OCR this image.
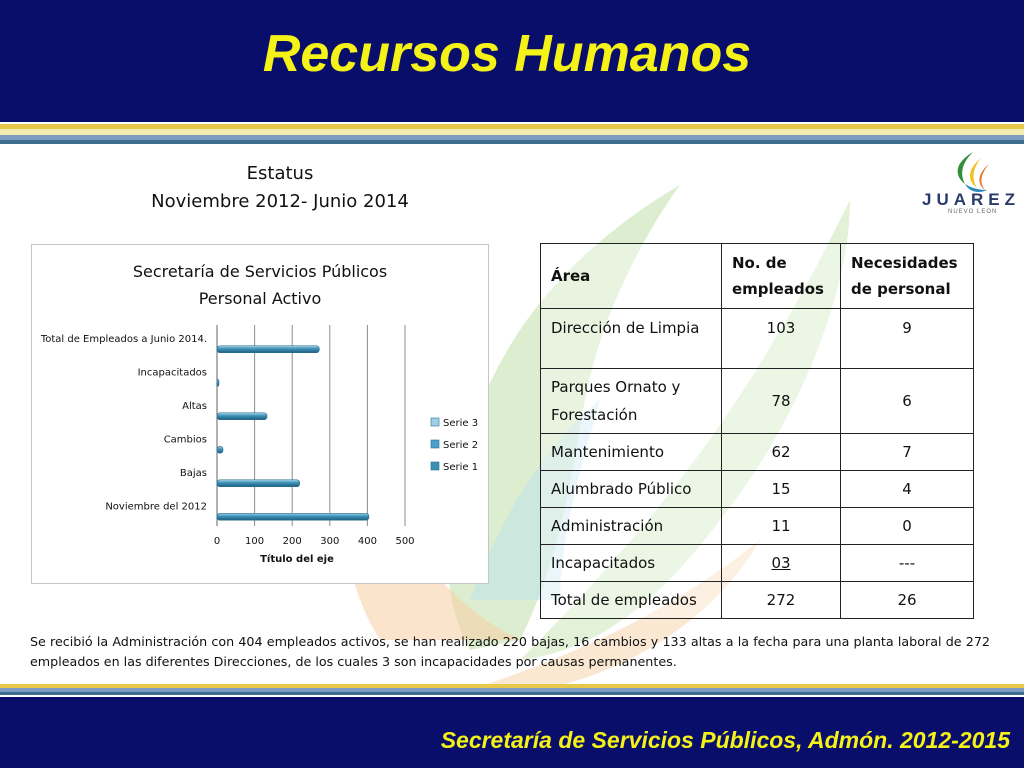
Recursos Humanos
Estatus
Noviembre 2012- Junio 2014	JUAREZ
NUEVO LEON
Secretaría de Servicios Públicos
Personal Activo
0 100 200 300 400 500
Título del eje
Noviembre del 2012
Bajas
Cambios
Altas
Incapacitados
Total de Empleados a Junio 2014.
Serie 3
Serie 2
Serie 1
Área	No. de empleados	Necesidades de personal
Dirección de Limpia	103	9
Parques Ornato y Forestación	78	6
Mantenimiento	62	7
Alumbrado Público	15	4
Administración	11	0
Incapacitados	03	---
Total de empleados	272	26
Se recibió la Administración con 404 empleados activos, se han realizado 220 bajas, 16 cambios y 133 altas a la fecha para una planta laboral de 272 empleados en las diferentes Direcciones, de los cuales 3 son incapacidades por causas permanentes.
Secretaría de Servicios Públicos, Admón. 2012-2015
